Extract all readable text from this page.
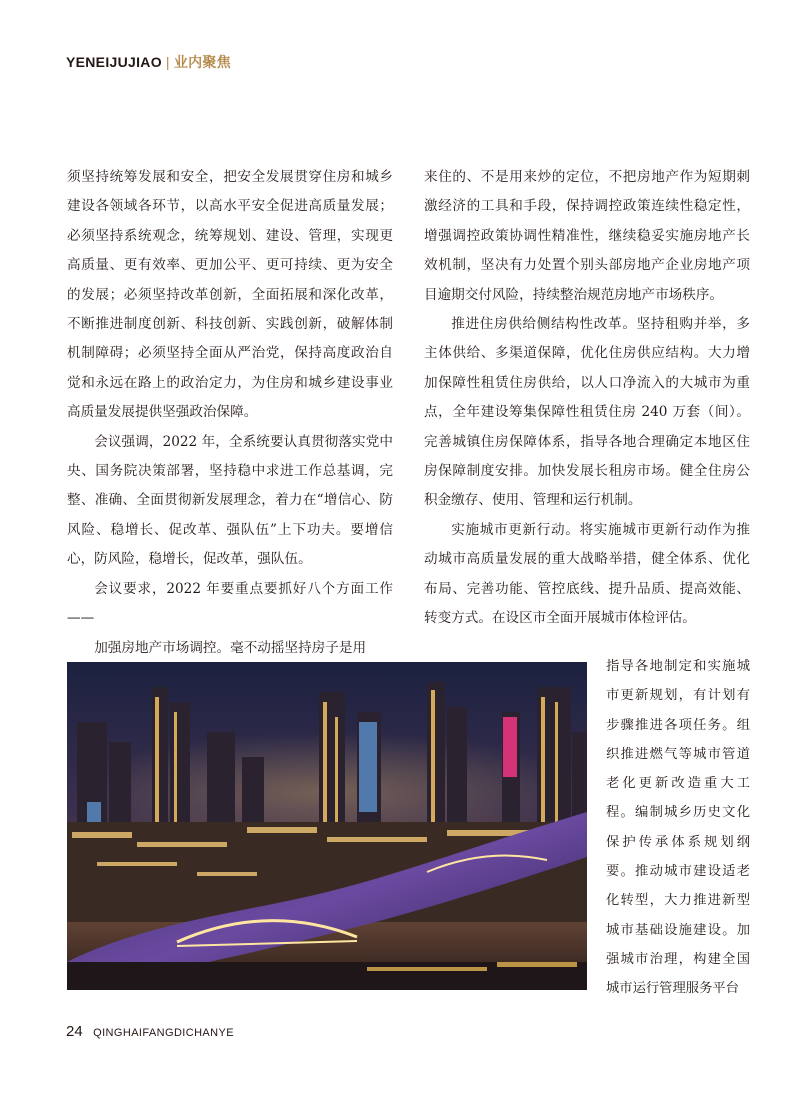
YENEIJUJIAO | 业内聚焦

须坚持统筹发展和安全，把安全发展贯穿住房和城乡建设各领域各环节，以高水平安全促进高质量发展；必须坚持系统观念，统筹规划、建设、管理，实现更高质量、更有效率、更加公平、更可持续、更为安全的发展；必须坚持改革创新，全面拓展和深化改革，不断推进制度创新、科技创新、实践创新，破解体制机制障碍；必须坚持全面从严治党，保持高度政治自觉和永远在路上的政治定力，为住房和城乡建设事业高质量发展提供坚强政治保障。

会议强调，2022 年，全系统要认真贯彻落实党中央、国务院决策部署，坚持稳中求进工作总基调，完整、准确、全面贯彻新发展理念，着力在“增信心、防风险、稳增长、促改革、强队伍”上下功夫。要增信心，防风险，稳增长，促改革，强队伍。

会议要求，2022 年要重点要抓好八个方面工作——

加强房地产市场调控。毫不动摇坚持房子是用

来住的、不是用来炒的定位，不把房地产作为短期刺激经济的工具和手段，保持调控政策连续性稳定性，增强调控政策协调性精准性，继续稳妥实施房地产长效机制，坚决有力处置个别头部房地产企业房地产项目逾期交付风险，持续整治规范房地产市场秩序。

推进住房供给侧结构性改革。坚持租购并举，多主体供给、多渠道保障，优化住房供应结构。大力增加保障性租赁住房供给，以人口净流入的大城市为重点，全年建设筹集保障性租赁住房 240 万套（间）。完善城镇住房保障体系，指导各地合理确定本地区住房保障制度安排。加快发展长租房市场。健全住房公积金缴存、使用、管理和运行机制。

实施城市更新行动。将实施城市更新行动作为推动城市高质量发展的重大战略举措，健全体系、优化布局、完善功能、管控底线、提升品质、提高效能、转变方式。在设区市全面开展城市体检评估。

指导各地制定和实施城市更新规划，有计划有步骤推进各项任务。组织推进燃气等城市管道老化更新改造重大工程。编制城乡历史文化保护传承体系规划纲要。推动城市建设适老化转型，大力推进新型城市基础设施建设。加强城市治理，构建全国城市运行管理服务平台

24 QINGHAIFANGDICHANYE
